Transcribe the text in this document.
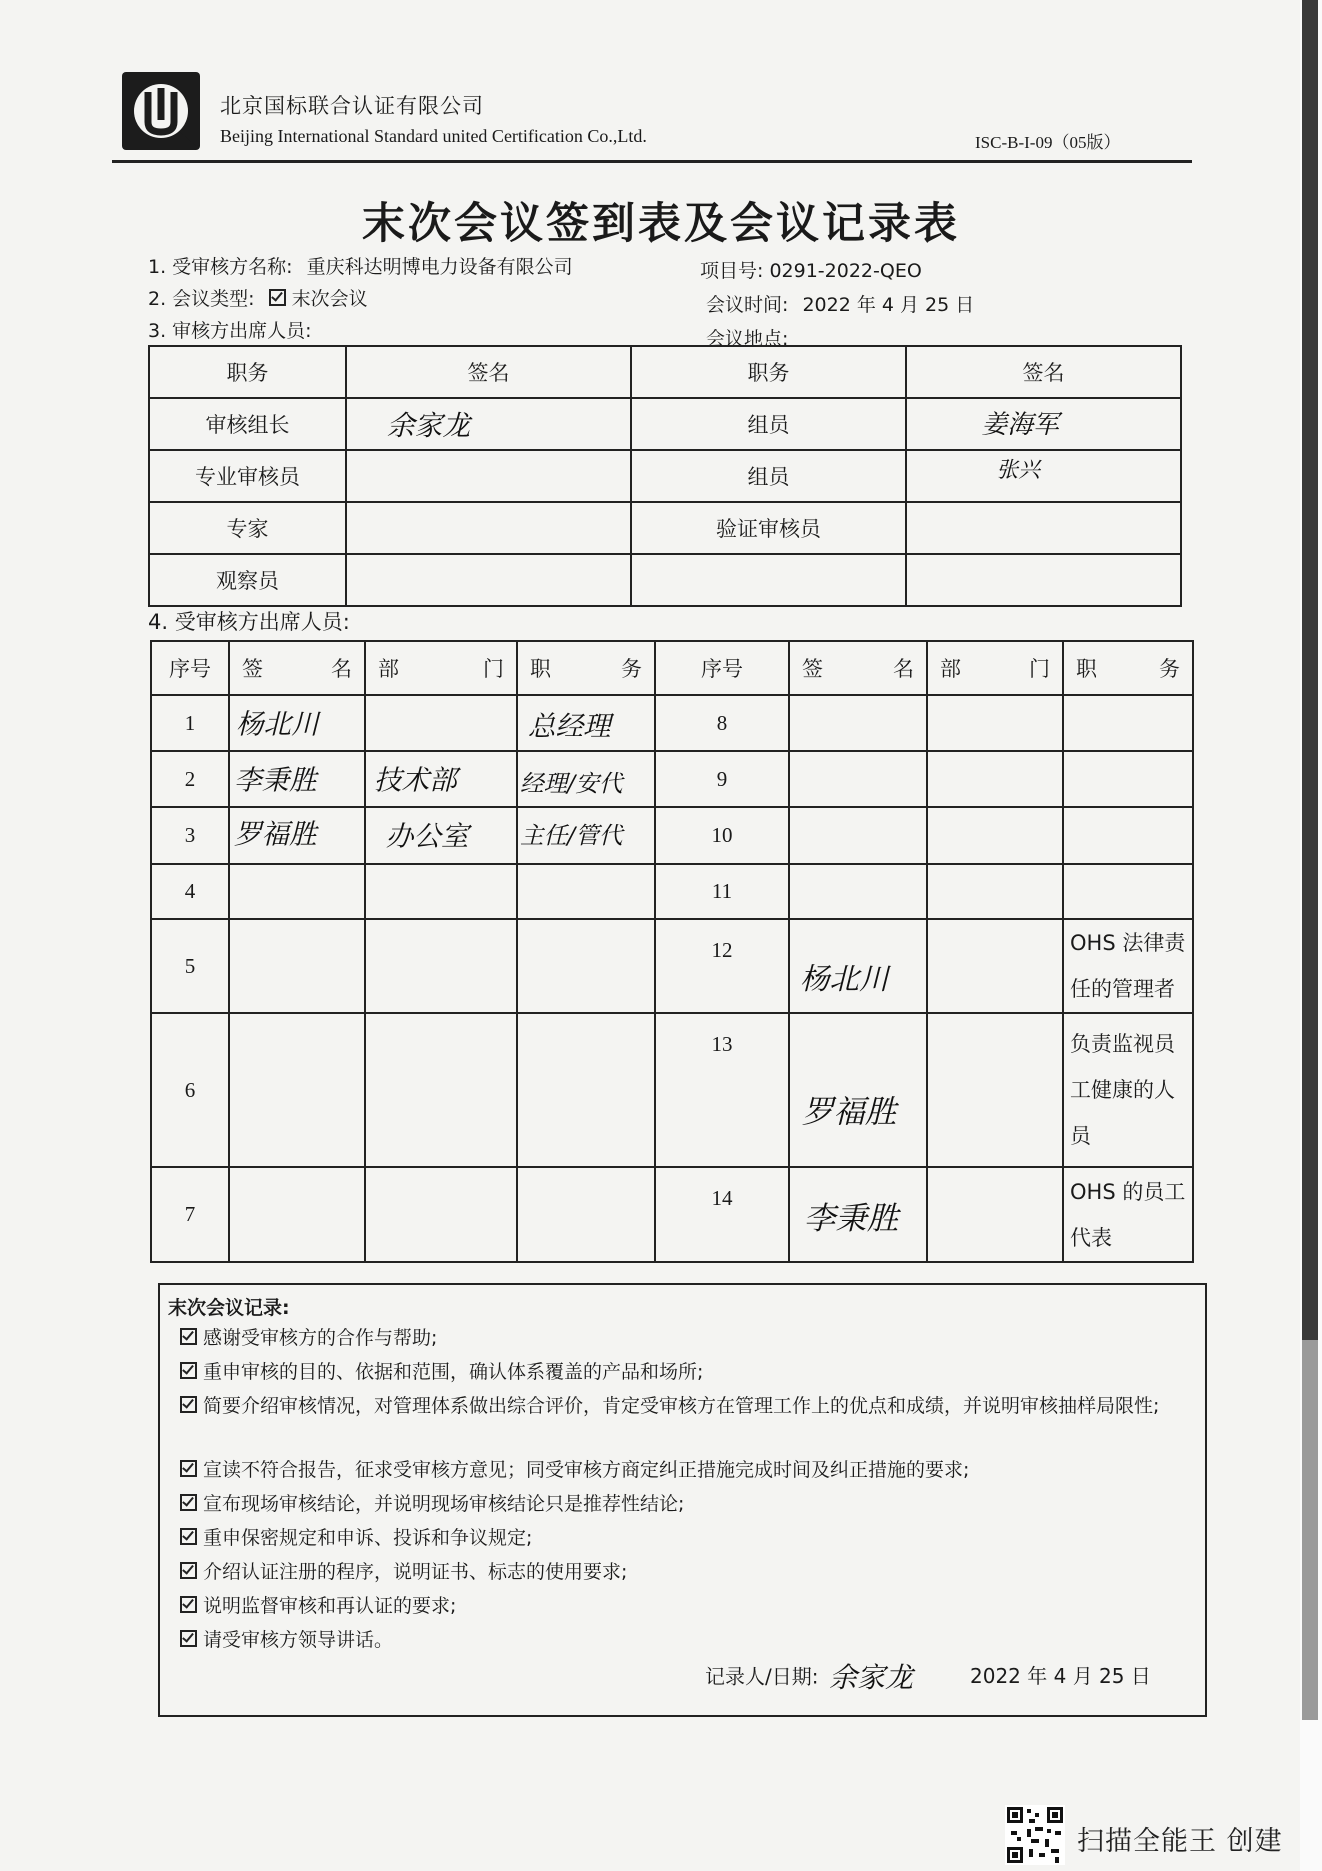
北京国标联合认证有限公司
Beijing International Standard united Certification Co.,Ltd.	ISC-B-I-09（05版）
末次会议签到表及会议记录表
1. 受审核方名称: 重庆科达明博电力设备有限公司	项目号: 0291-2022-QEO
2. 会议类型: 末次会议	会议时间: 2022 年 4 月 25 日
3. 审核方出席人员:	会议地点:
职务	签名	职务	签名
审核组长	余家龙	组员	姜海军

专业审核员		组员	张兴

专家		验证审核员	
观察员			
4. 受审核方出席人员:
序号	签 名	部 门	职 务	序号	签 名	部 门	职 务

1	杨北川		总经理	8			
2	李秉胜	技术部	经理/安代	9			
3	罗福胜	办公室	主任/管代	10			
4				11			
5				12	杨北川		OHS 法律责任的管理者
6				13	罗福胜		负责监视员工健康的人员
7				14	李秉胜		OHS 的员工代表
末次会议记录:
感谢受审核方的合作与帮助;
重申审核的目的、依据和范围，确认体系覆盖的产品和场所;
简要介绍审核情况，对管理体系做出综合评价，肯定受审核方在管理工作上的优点和成绩，并说明审核抽样局限性;
宣读不符合报告，征求受审核方意见；同受审核方商定纠正措施完成时间及纠正措施的要求;
宣布现场审核结论，并说明现场审核结论只是推荐性结论;
重申保密规定和申诉、投诉和争议规定;
介绍认证注册的程序，说明证书、标志的使用要求;
说明监督审核和再认证的要求;
请受审核方领导讲话。
记录人/日期: 余家龙	2022 年 4 月 25 日
扫描全能王 创建
